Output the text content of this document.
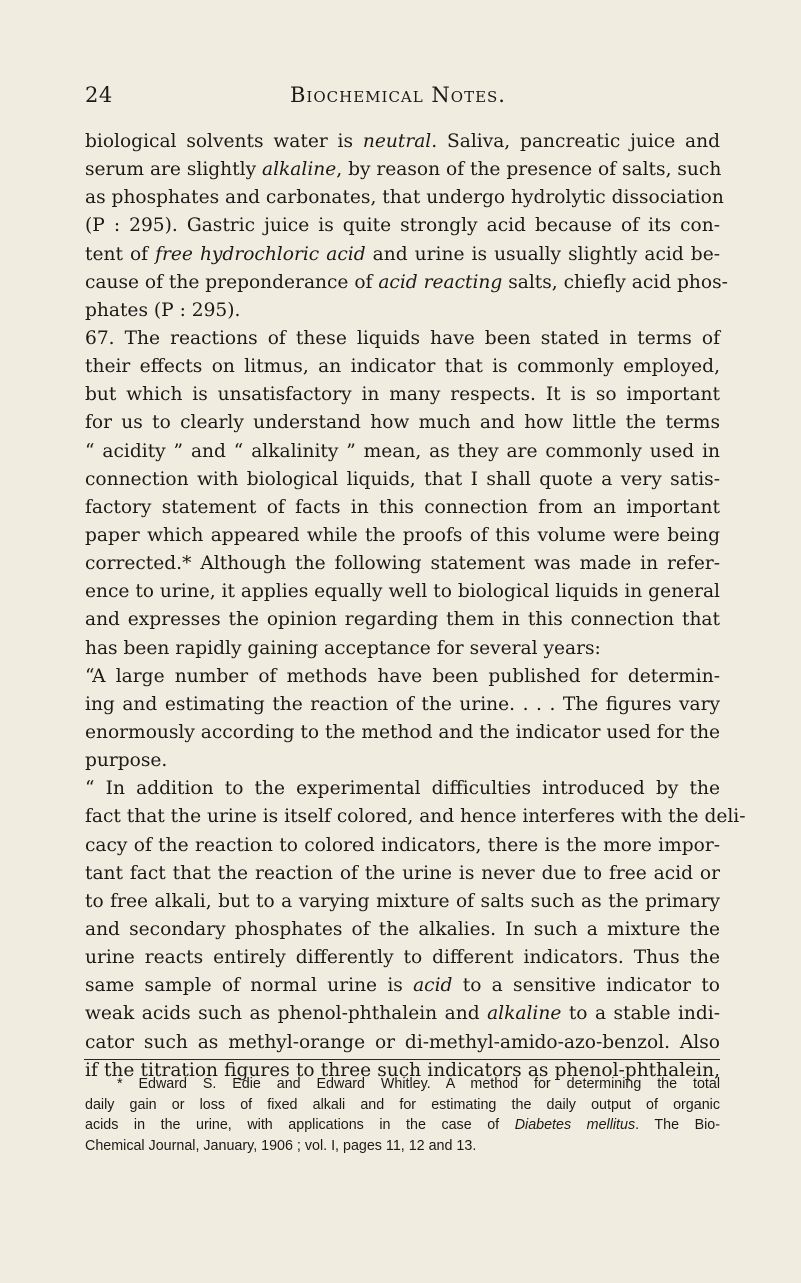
24	Biochemical Notes.
biological solvents water is neutral. Saliva, pancreatic juice and
serum are slightly alkaline, by reason of the presence of salts, such
as phosphates and carbonates, that undergo hydrolytic dissociation
(P : 295). Gastric juice is quite strongly acid because of its con-
tent of free hydrochloric acid and urine is usually slightly acid be-
cause of the preponderance of acid reacting salts, chiefly acid phos-
phates (P : 295).
67. The reactions of these liquids have been stated in terms of
their effects on litmus, an indicator that is commonly employed,
but which is unsatisfactory in many respects. It is so important
for us to clearly understand how much and how little the terms
“ acidity ” and “ alkalinity ” mean, as they are commonly used in
connection with biological liquids, that I shall quote a very satis-
factory statement of facts in this connection from an important
paper which appeared while the proofs of this volume were being
corrected.* Although the following statement was made in refer-
ence to urine, it applies equally well to biological liquids in general
and expresses the opinion regarding them in this connection that
has been rapidly gaining acceptance for several years:
“A large number of methods have been published for determin-
ing and estimating the reaction of the urine. . . . The figures vary
enormously according to the method and the indicator used for the
purpose.
“ In addition to the experimental difficulties introduced by the
fact that the urine is itself colored, and hence interferes with the deli-
cacy of the reaction to colored indicators, there is the more impor-
tant fact that the reaction of the urine is never due to free acid or
to free alkali, but to a varying mixture of salts such as the primary
and secondary phosphates of the alkalies. In such a mixture the
urine reacts entirely differently to different indicators. Thus the
same sample of normal urine is acid to a sensitive indicator to
weak acids such as phenol-phthalein and alkaline to a stable indi-
cator such as methyl-orange or di-methyl-amido-azo-benzol. Also
if the titration figures to three such indicators as phenol-phthalein,
* Edward S. Edie and Edward Whitley. A method for determining the total
daily gain or loss of fixed alkali and for estimating the daily output of organic
acids in the urine, with applications in the case of Diabetes mellitus. The Bio-
Chemical Journal, January, 1906 ; vol. I, pages 11, 12 and 13.
